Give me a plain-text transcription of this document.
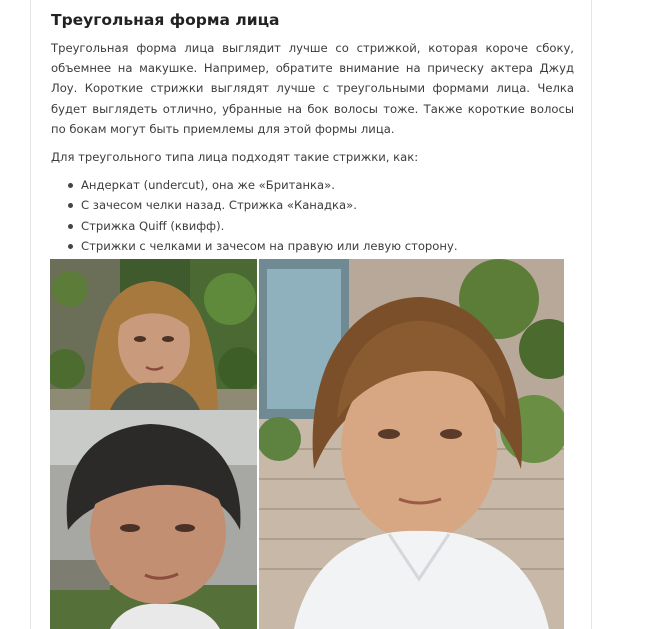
Треугольная форма лица

Треугольная форма лица выглядит лучше со стрижкой, которая короче сбоку, объемнее на макушке. Например, обратите внимание на прическу актера Джуд Лоу. Короткие стрижки выглядят лучше с треугольными формами лица. Челка будет выглядеть отлично, убранные на бок волосы тоже. Также короткие волосы по бокам могут быть приемлемы для этой формы лица.

Для треугольного типа лица подходят такие стрижки, как:

Андеркат (undercut), она же «Британка».
С зачесом челки назад. Стрижка «Канадка».
Стрижка Quiff (квифф).
Стрижки с челками и зачесом на правую или левую сторону.
